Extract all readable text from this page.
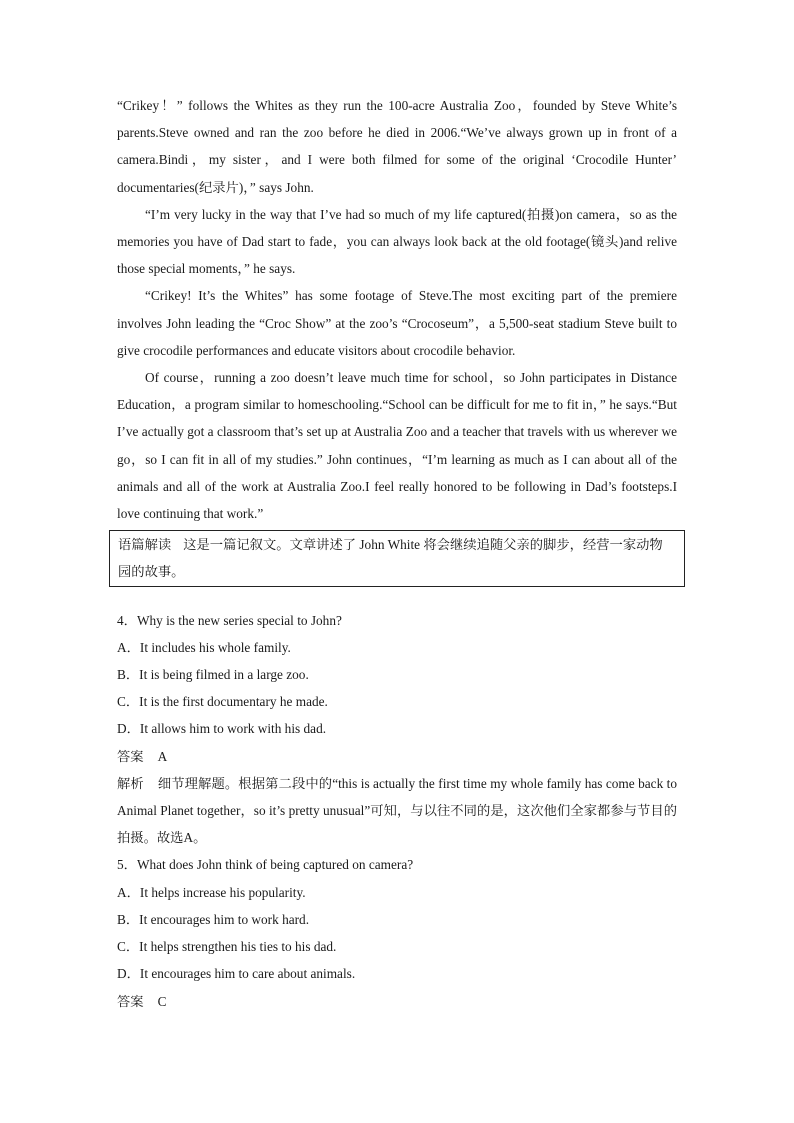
“Crikey！” follows the Whites as they run the 100-acre Australia Zoo，founded by Steve White’s parents.Steve owned and ran the zoo before he died in 2006.“We’ve always grown up in front of a camera.Bindi，my sister，and I were both filmed for some of the original ‘Crocodile Hunter’ documentaries(纪录片)，” says John.

“I’m very lucky in the way that I’ve had so much of my life captured(拍摄)on camera，so as the memories you have of Dad start to fade，you can always look back at the old footage(镜头)and relive those special moments，” he says.

“Crikey! It’s the Whites” has some footage of Steve.The most exciting part of the premiere involves John leading the “Croc Show” at the zoo’s “Crocoseum”，a 5,500-seat stadium Steve built to give crocodile performances and educate visitors about crocodile behavior.

Of course，running a zoo doesn’t leave much time for school，so John participates in Distance Education，a program similar to homeschooling.“School can be difficult for me to fit in，” he says.“But I’ve actually got a classroom that’s set up at Australia Zoo and a teacher that travels with us wherever we go，so I can fit in all of my studies.” John continues，“I’m learning as much as I can about all of the animals and all of the work at Australia Zoo.I feel really honored to be following in Dad’s footsteps.I love continuing that work.”

语篇解读 这是一篇记叙文。文章讲述了 John White 将会继续追随父亲的脚步，经营一家动物园的故事。

4．Why is the new series special to John?

A．It includes his whole family.

B．It is being filmed in a large zoo.

C．It is the first documentary he made.

D．It allows him to work with his dad.

答案 A

解析 细节理解题。根据第二段中的“this is actually the first time my whole family has come back to Animal Planet together，so it’s pretty unusual”可知，与以往不同的是，这次他们全家都参与节目的拍摄。故选A。

5．What does John think of being captured on camera?

A．It helps increase his popularity.

B．It encourages him to work hard.

C．It helps strengthen his ties to his dad.

D．It encourages him to care about animals.

答案 C
